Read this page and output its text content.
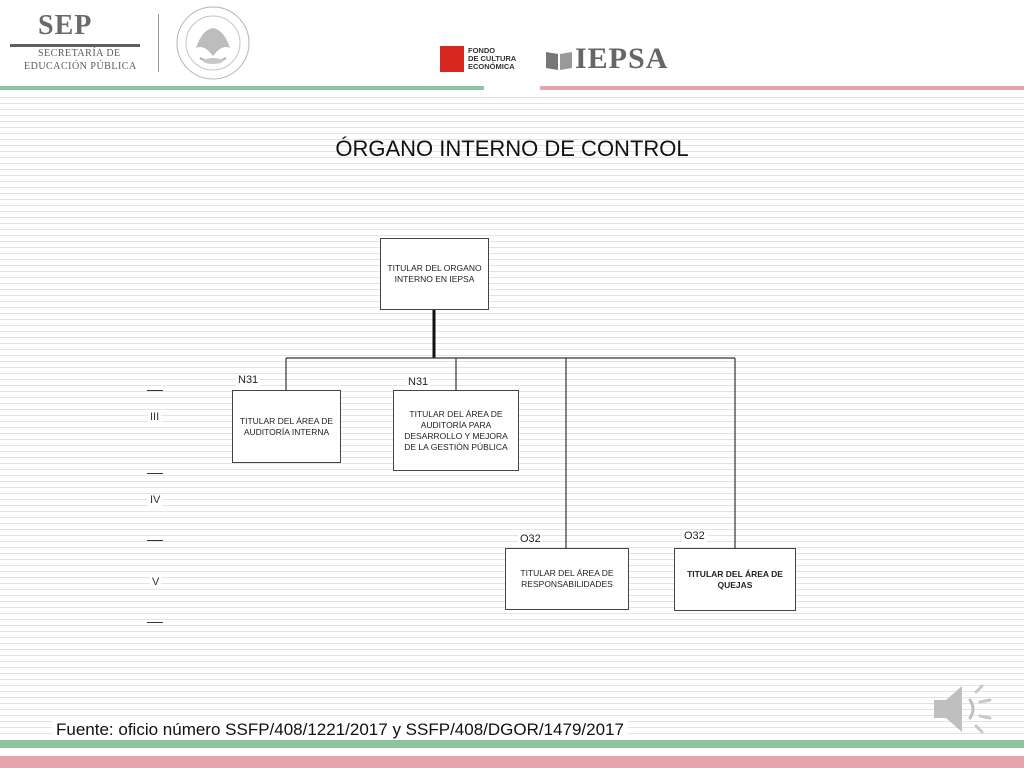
SEP
SECRETARÍA DE
EDUCACIÓN PÚBLICA
FONDO
DE CULTURA
ECONÓMICA IEPSA
ÓRGANO INTERNO DE CONTROL
III
IV
V
TITULAR DEL ORGANO INTERNO EN IEPSA
N31
TITULAR DEL ÁREA DE AUDITORÍA INTERNA
N31
TITULAR DEL ÁREA DE AUDITORÍA PARA DESARROLLO Y MEJORA DE LA GESTIÓN PÚBLICA
O32
TITULAR DEL ÁREA DE RESPONSABILIDADES
O32
TITULAR DEL ÁREA DE QUEJAS
Fuente: oficio número SSFP/408/1221/2017 y SSFP/408/DGOR/1479/2017
